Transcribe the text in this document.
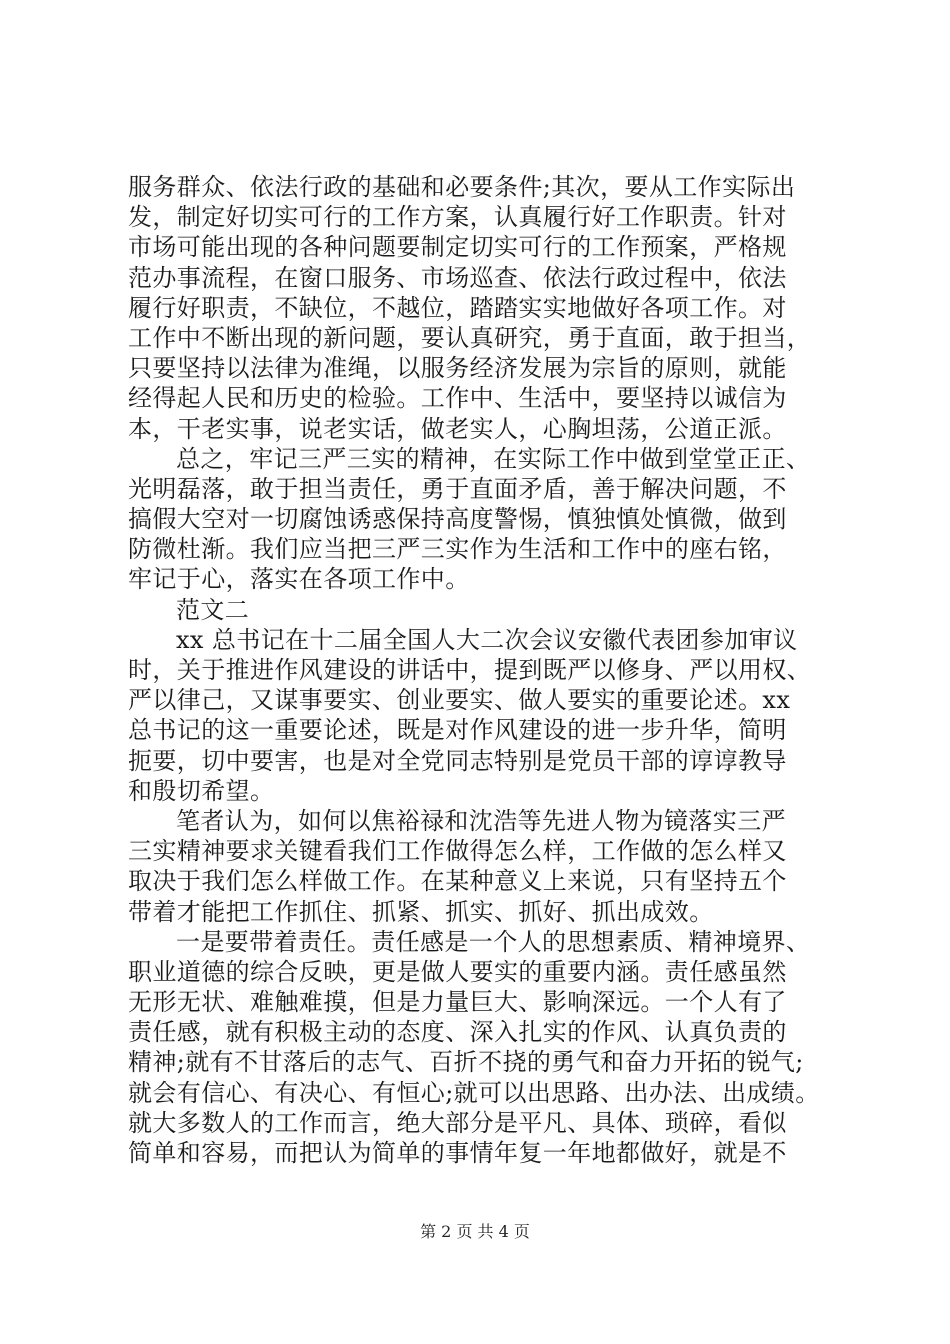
服务群众、依法行政的基础和必要条件;其次，要从工作实际出
发，制定好切实可行的工作方案，认真履行好工作职责。针对
市场可能出现的各种问题要制定切实可行的工作预案，严格规
范办事流程，在窗口服务、市场巡查、依法行政过程中，依法
履行好职责，不缺位，不越位，踏踏实实地做好各项工作。对
工作中不断出现的新问题，要认真研究，勇于直面，敢于担当，
只要坚持以法律为准绳，以服务经济发展为宗旨的原则，就能
经得起人民和历史的检验。工作中、生活中，要坚持以诚信为
本，干老实事，说老实话，做老实人，心胸坦荡，公道正派。
总之，牢记三严三实的精神，在实际工作中做到堂堂正正、
光明磊落，敢于担当责任，勇于直面矛盾，善于解决问题，不
搞假大空对一切腐蚀诱惑保持高度警惕，慎独慎处慎微，做到
防微杜渐。我们应当把三严三实作为生活和工作中的座右铭，
牢记于心，落实在各项工作中。
范文二
xx 总书记在十二届全国人大二次会议安徽代表团参加审议
时，关于推进作风建设的讲话中，提到既严以修身、严以用权、
严以律己，又谋事要实、创业要实、做人要实的重要论述。xx
总书记的这一重要论述，既是对作风建设的进一步升华，简明
扼要，切中要害，也是对全党同志特别是党员干部的谆谆教导
和殷切希望。
笔者认为，如何以焦裕禄和沈浩等先进人物为镜落实三严
三实精神要求关键看我们工作做得怎么样，工作做的怎么样又
取决于我们怎么样做工作。在某种意义上来说，只有坚持五个
带着才能把工作抓住、抓紧、抓实、抓好、抓出成效。
一是要带着责任。责任感是一个人的思想素质、精神境界、
职业道德的综合反映，更是做人要实的重要内涵。责任感虽然
无形无状、难触难摸，但是力量巨大、影响深远。一个人有了
责任感，就有积极主动的态度、深入扎实的作风、认真负责的
精神;就有不甘落后的志气、百折不挠的勇气和奋力开拓的锐气;
就会有信心、有决心、有恒心;就可以出思路、出办法、出成绩。
就大多数人的工作而言，绝大部分是平凡、具体、琐碎，看似
简单和容易，而把认为简单的事情年复一年地都做好，就是不
第 2 页 共 4 页
